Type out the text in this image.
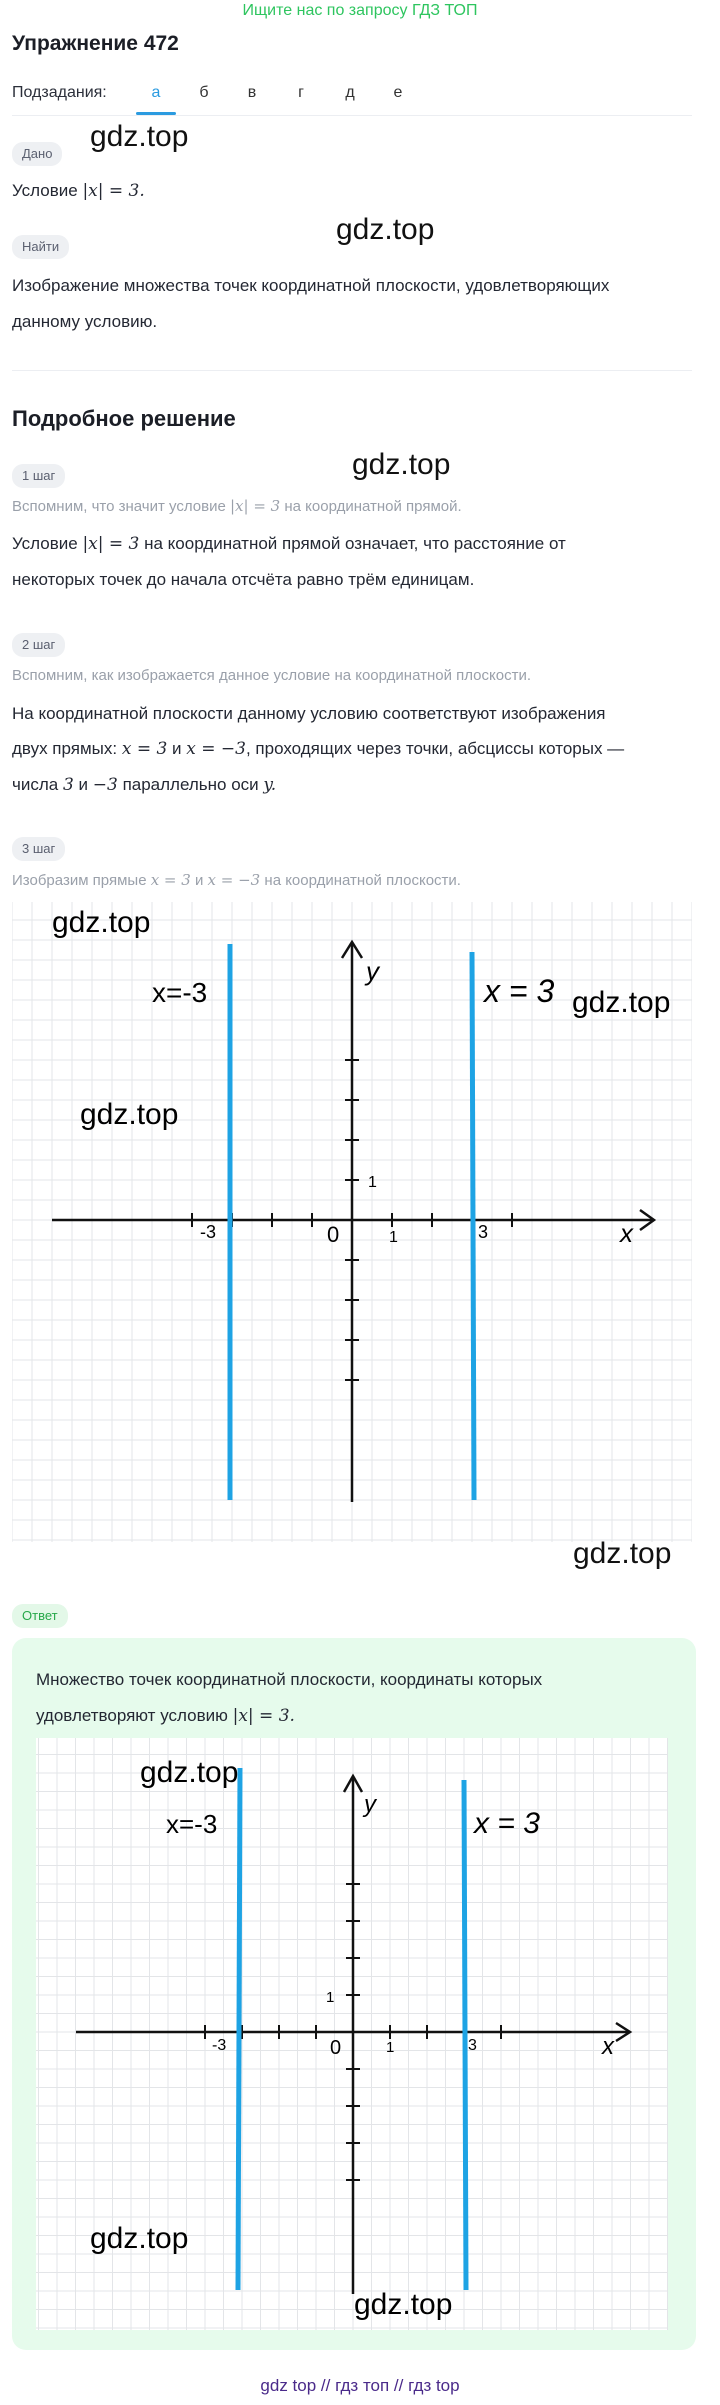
Ищите нас по запросу ГДЗ ТОП
Упражнение 472
Подзадания:	а	б	в	г	д	е
Дано
gdz.top
Условие |x| = 3.
gdz.top
Найти
Изображение множества точек координатной плоскости, удовлетворяющих
данному условию.
Подробное решение
gdz.top
1 шаг
Вспомним, что значит условие |x| = 3 на координатной прямой.
Условие |x| = 3 на координатной прямой означает, что расстояние от
некоторых точек до начала отсчёта равно трём единицам.
2 шаг
Вспомним, как изображается данное условие на координатной плоскости.
На координатной плоскости данному условию соответствуют изображения
двух прямых: x = 3 и x = −3, проходящих через точки, абсциссы которых —
числа 3 и −3 параллельно оси y.
3 шаг
Изобразим прямые x = 3 и x = −3 на координатной плоскости.
x
y
0	1
1
-3	3
x=-3	x = 3
gdz.top
gdz.top
gdz.top
gdz.top
Ответ
Множество точек координатной плоскости, координаты которых
удовлетворяют условию |x| = 3.
x
y
0	1
1
-3	3
x=-3	x = 3
gdz.top
gdz.top
gdz.top
gdz top // гдз топ // гдз top
